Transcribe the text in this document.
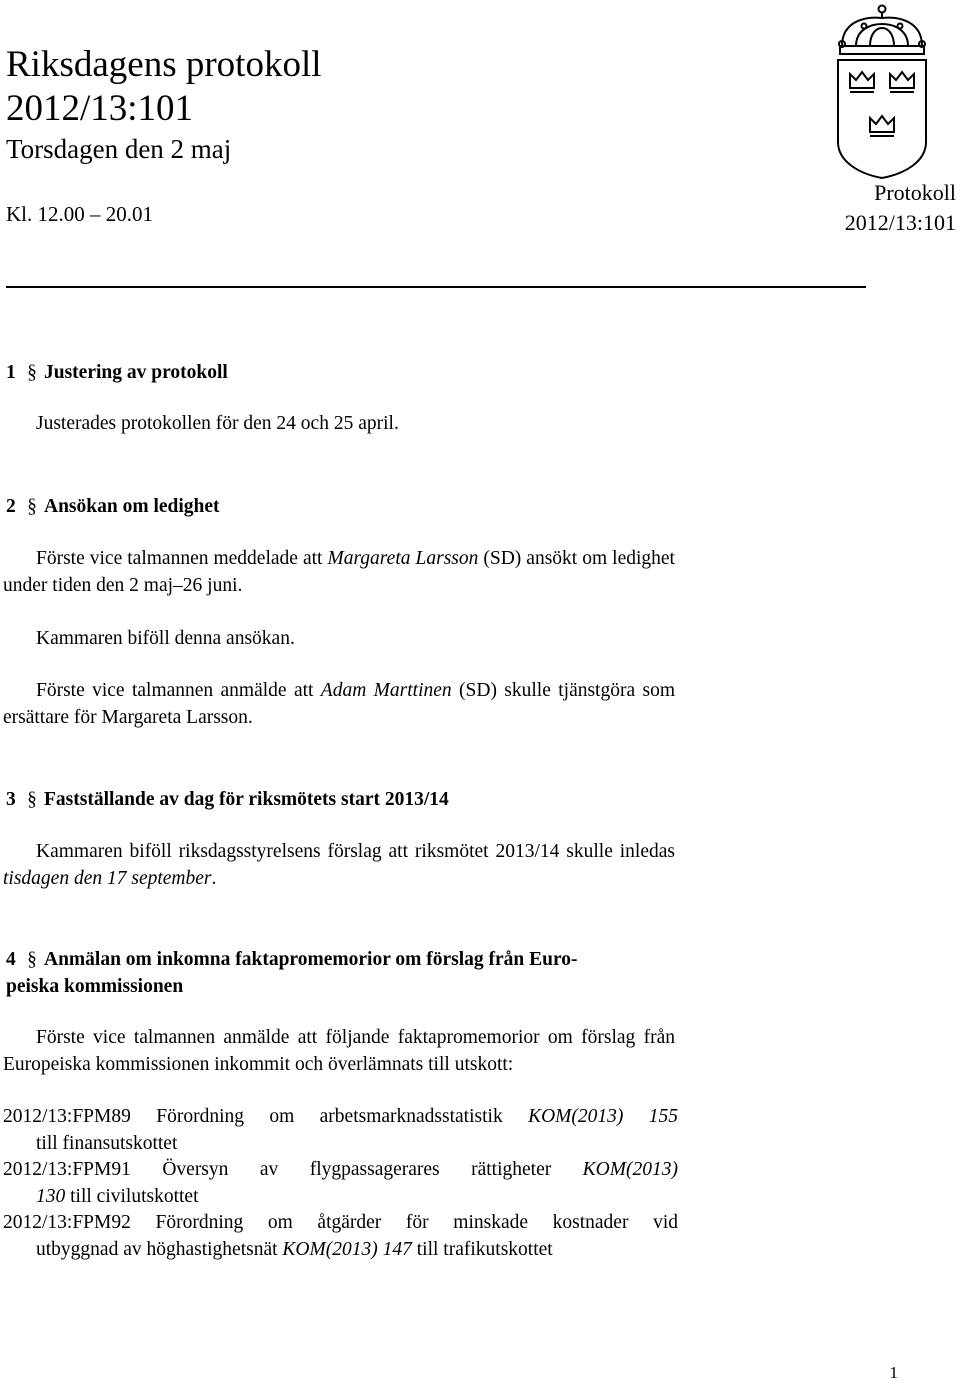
Riksdagens protokoll
2012/13:101
Torsdagen den 2 maj
Kl. 12.00 – 20.01
Protokoll
2012/13:101
1 § Justering av protokoll
Justerades protokollen för den 24 och 25 april.
2 § Ansökan om ledighet
Förste vice talmannen meddelade att Margareta Larsson (SD) ansökt om ledighet under tiden den 2 maj–26 juni.
Kammaren biföll denna ansökan.
Förste vice talmannen anmälde att Adam Marttinen (SD) skulle tjänstgöra som ersättare för Margareta Larsson.
3 § Fastställande av dag för riksmötets start 2013/14
Kammaren biföll riksdagsstyrelsens förslag att riksmötet 2013/14 skulle inledas tisdagen den 17 september.
4 § Anmälan om inkomna faktapromemorior om förslag från Euro-
peiska kommissionen
Förste vice talmannen anmälde att följande faktapromemorior om förslag från Europeiska kommissionen inkommit och överlämnats till utskott:
2012/13:FPM89 Förordning om arbetsmarknadsstatistik KOM(2013) 155
till finansutskottet
2012/13:FPM91 Översyn av flygpassagerares rättigheter KOM(2013)
130 till civilutskottet
2012/13:FPM92 Förordning om åtgärder för minskade kostnader vid
utbyggnad av höghastighetsnät KOM(2013) 147 till trafikutskottet
1
